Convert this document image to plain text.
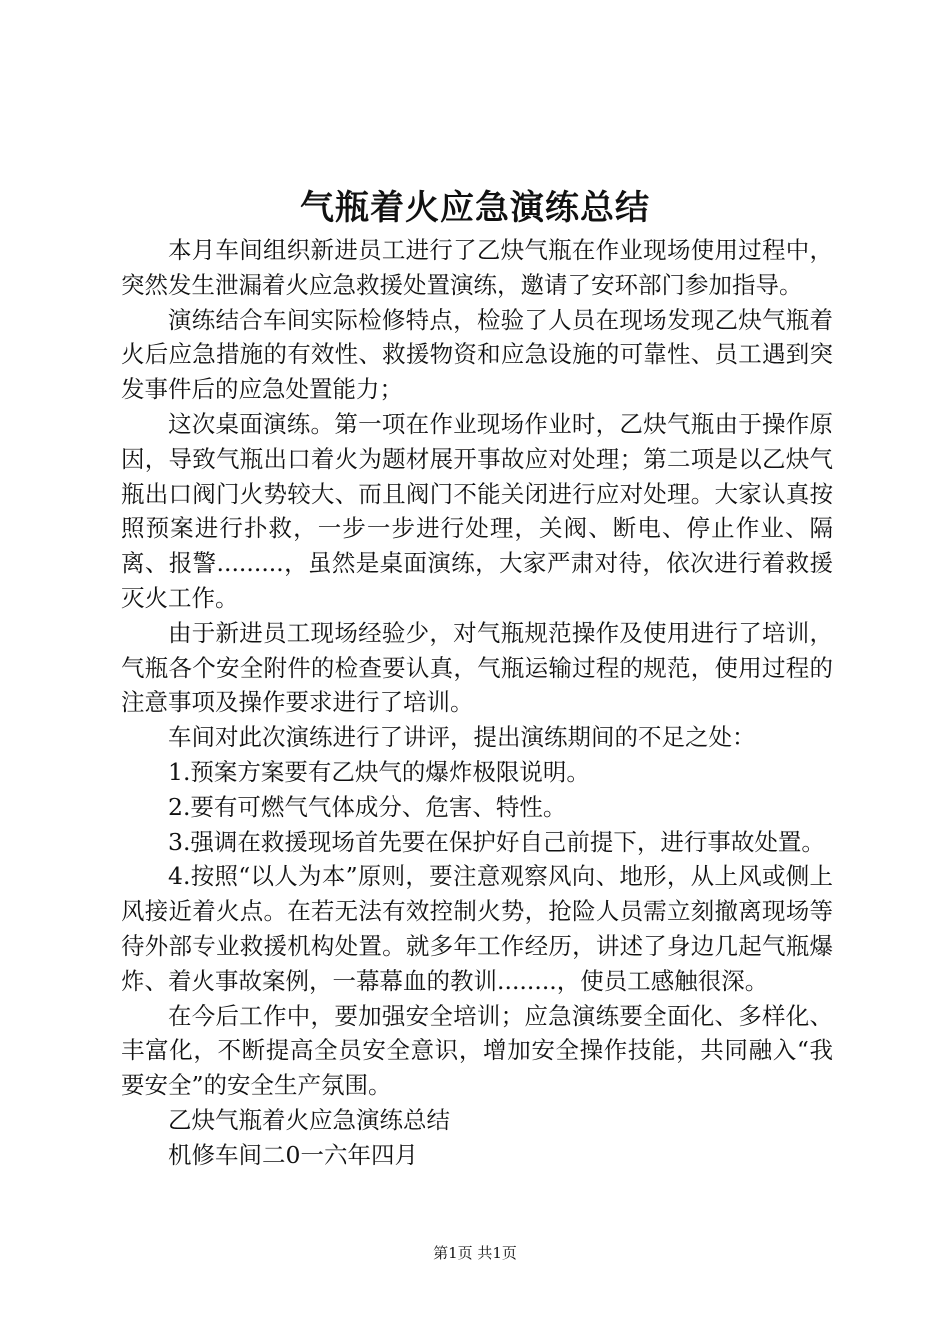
气瓶着火应急演练总结

本月车间组织新进员工进行了乙炔气瓶在作业现场使用过程中，突然发生泄漏着火应急救援处置演练，邀请了安环部门参加指导。

演练结合车间实际检修特点，检验了人员在现场发现乙炔气瓶着火后应急措施的有效性、救援物资和应急设施的可靠性、员工遇到突发事件后的应急处置能力；

这次桌面演练。第一项在作业现场作业时，乙炔气瓶由于操作原因，导致气瓶出口着火为题材展开事故应对处理；第二项是以乙炔气瓶出口阀门火势较大、而且阀门不能关闭进行应对处理。大家认真按照预案进行扑救，一步一步进行处理，关阀、断电、停止作业、隔离、报警.........，虽然是桌面演练，大家严肃对待，依次进行着救援灭火工作。

由于新进员工现场经验少，对气瓶规范操作及使用进行了培训，气瓶各个安全附件的检查要认真，气瓶运输过程的规范，使用过程的注意事项及操作要求进行了培训。

车间对此次演练进行了讲评，提出演练期间的不足之处：

1.预案方案要有乙炔气的爆炸极限说明。

2.要有可燃气气体成分、危害、特性。

3.强调在救援现场首先要在保护好自己前提下，进行事故处置。

4.按照“以人为本”原则，要注意观察风向、地形，从上风或侧上风接近着火点。在若无法有效控制火势，抢险人员需立刻撤离现场等待外部专业救援机构处置。就多年工作经历，讲述了身边几起气瓶爆炸、着火事故案例，一幕幕血的教训........，使员工感触很深。

在今后工作中，要加强安全培训；应急演练要全面化、多样化、丰富化，不断提高全员安全意识，增加安全操作技能，共同融入“我要安全”的安全生产氛围。

乙炔气瓶着火应急演练总结

机修车间二0一六年四月

第1页 共1页
